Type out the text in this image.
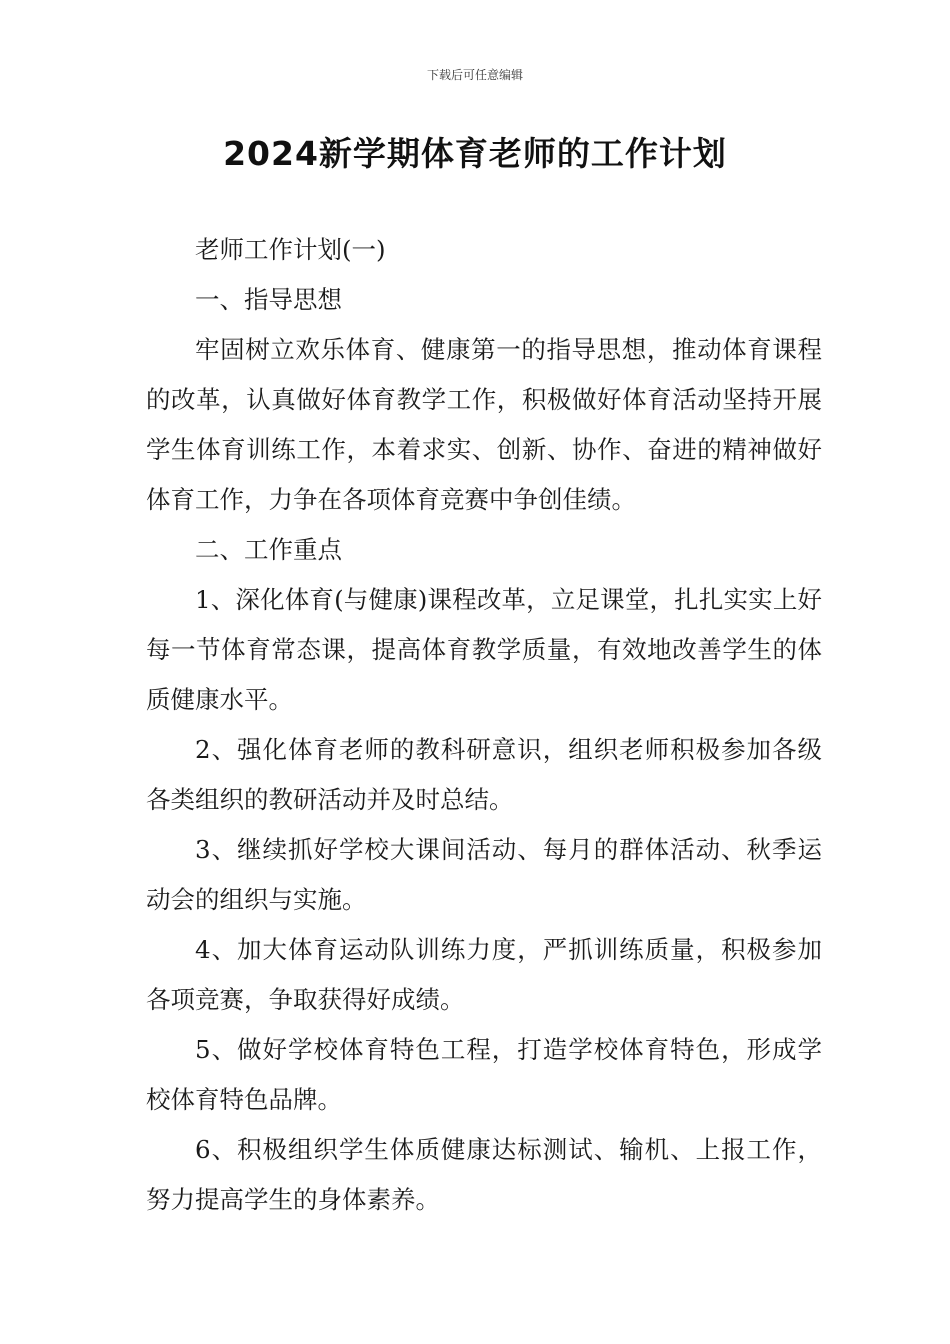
下载后可任意编辑
2024新学期体育老师的工作计划

老师工作计划(一)

一、指导思想

牢固树立欢乐体育、健康第一的指导思想，推动体育课程的改革，认真做好体育教学工作，积极做好体育活动坚持开展学生体育训练工作，本着求实、创新、协作、奋进的精神做好体育工作，力争在各项体育竞赛中争创佳绩。

二、工作重点

1、深化体育(与健康)课程改革，立足课堂，扎扎实实上好每一节体育常态课，提高体育教学质量，有效地改善学生的体质健康水平。

2、强化体育老师的教科研意识，组织老师积极参加各级各类组织的教研活动并及时总结。

3、继续抓好学校大课间活动、每月的群体活动、秋季运动会的组织与实施。

4、加大体育运动队训练力度，严抓训练质量，积极参加各项竞赛，争取获得好成绩。

5、做好学校体育特色工程，打造学校体育特色，形成学校体育特色品牌。

6、积极组织学生体质健康达标测试、输机、上报工作，努力提高学生的身体素养。
